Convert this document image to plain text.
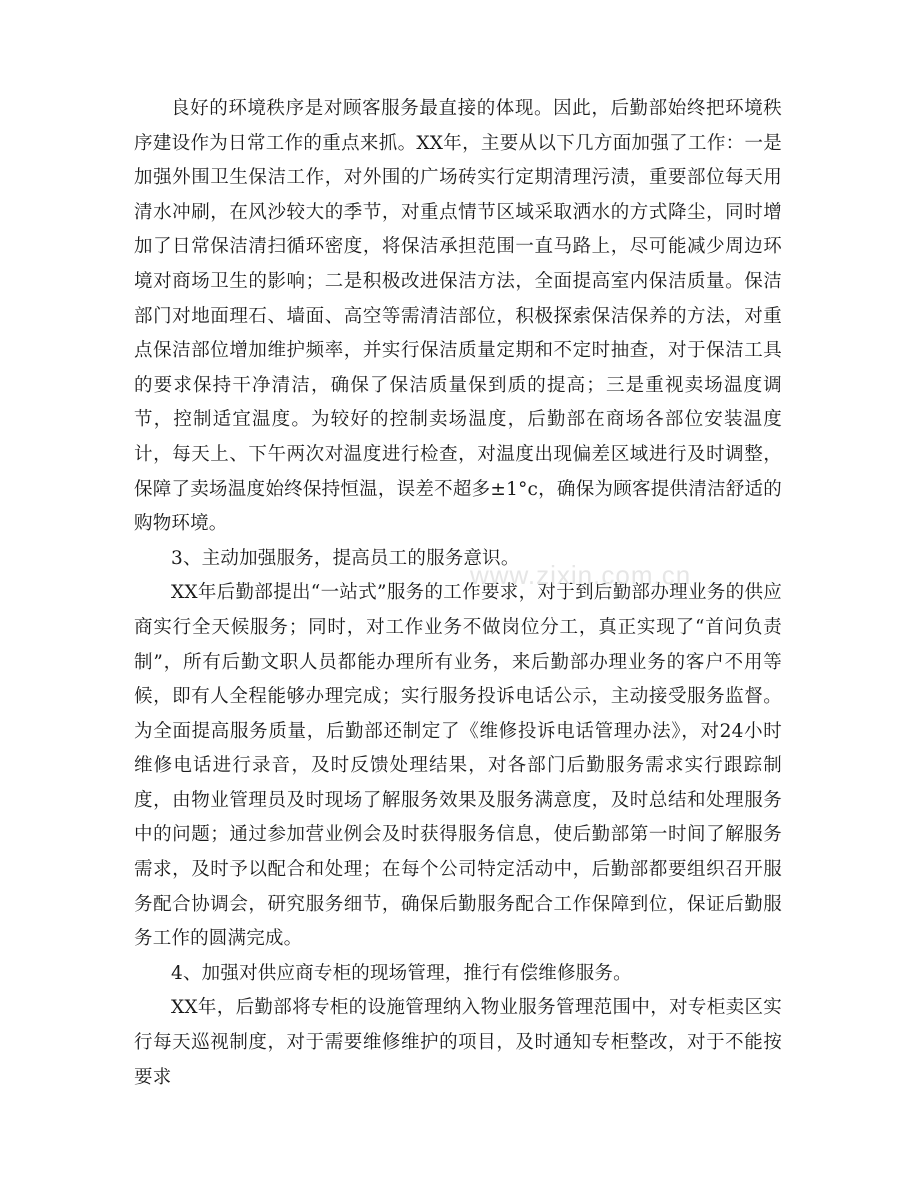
良好的环境秩序是对顾客服务最直接的体现。因此，后勤部始终把环境秩序建设作为日常工作的重点来抓。XX年，主要从以下几方面加强了工作：一是加强外围卫生保洁工作，对外围的广场砖实行定期清理污渍，重要部位每天用清水冲刷，在风沙较大的季节，对重点情节区域采取洒水的方式降尘，同时增加了日常保洁清扫循环密度，将保洁承担范围一直马路上，尽可能减少周边环境对商场卫生的影响；二是积极改进保洁方法，全面提高室内保洁质量。保洁部门对地面理石、墙面、高空等需清洁部位，积极探索保洁保养的方法，对重点保洁部位增加维护频率，并实行保洁质量定期和不定时抽查，对于保洁工具的要求保持干净清洁，确保了保洁质量保到质的提高；三是重视卖场温度调节，控制适宜温度。为较好的控制卖场温度，后勤部在商场各部位安装温度计，每天上、下午两次对温度进行检查，对温度出现偏差区域进行及时调整，保障了卖场温度始终保持恒温，误差不超多±1°c，确保为顾客提供清洁舒适的购物环境。

3、主动加强服务，提高员工的服务意识。

XX年后勤部提出“一站式”服务的工作要求，对于到后勤部办理业务的供应商实行全天候服务；同时，对工作业务不做岗位分工，真正实现了“首问负责制”，所有后勤文职人员都能办理所有业务，来后勤部办理业务的客户不用等候，即有人全程能够办理完成；实行服务投诉电话公示，主动接受服务监督。为全面提高服务质量，后勤部还制定了《维修投诉电话管理办法》，对24小时维修电话进行录音，及时反馈处理结果，对各部门后勤服务需求实行跟踪制度，由物业管理员及时现场了解服务效果及服务满意度，及时总结和处理服务中的问题；通过参加营业例会及时获得服务信息，使后勤部第一时间了解服务需求，及时予以配合和处理；在每个公司特定活动中，后勤部都要组织召开服务配合协调会，研究服务细节，确保后勤服务配合工作保障到位，保证后勤服务工作的圆满完成。

4、加强对供应商专柜的现场管理，推行有偿维修服务。

XX年，后勤部将专柜的设施管理纳入物业服务管理范围中，对专柜卖区实行每天巡视制度，对于需要维修维护的项目，及时通知专柜整改，对于不能按要求

www.zixin.com.cn
